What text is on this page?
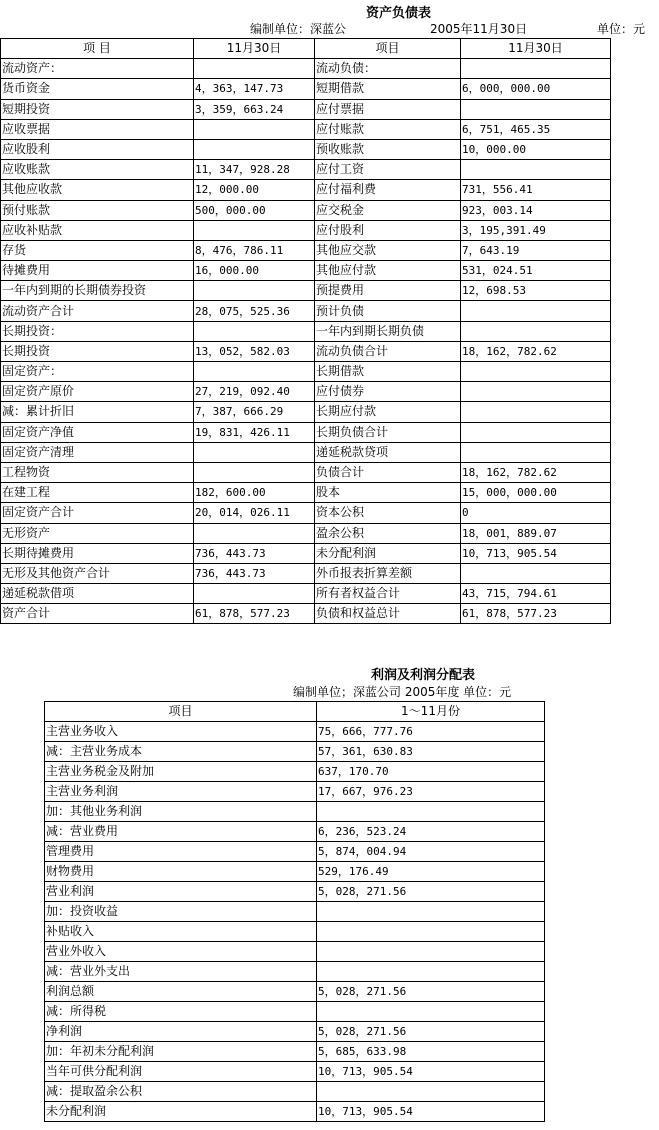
资产负债表
编制单位：深蓝公	2005年11月30日	单位：元
项 目	11月30日	项目	11月30日
流动资产：		流动负债：	
货币资金	4，363，147.73	短期借款	6，000，000.00
短期投资	3，359，663.24	应付票据	
应收票据		应付账款	6，751，465.35
应收股利		预收账款	10，000.00
应收账款	11，347，928.28	应付工资	
其他应收款	12，000.00	应付福利费	731，556.41
预付账款	500，000.00	应交税金	923，003.14
应收补贴款		应付股利	3，195,391.49
存货	8，476，786.11	其他应交款	7，643.19
待摊费用	16，000.00	其他应付款	531，024.51
一年内到期的长期债券投资		预提费用	12，698.53
流动资产合计	28，075，525.36	预计负债	
长期投资：		一年内到期长期负债	
长期投资	13，052，582.03	流动负债合计	18，162，782.62
固定资产：		长期借款	
固定资产原价	27，219，092.40	应付债券	
减：累计折旧	7，387，666.29	长期应付款	
固定资产净值	19，831，426.11	长期负债合计	
固定资产清理		递延税款贷项	
工程物资		负债合计	18，162，782.62
在建工程	182，600.00	股本	15，000，000.00
固定资产合计	20，014，026.11	资本公积	0
无形资产		盈余公积	18，001，889.07
长期待摊费用	736，443.73	未分配利润	10，713，905.54
无形及其他资产合计	736，443.73	外币报表折算差额	
递延税款借项		所有者权益合计	43，715，794.61
资产合计	61，878，577.23	负债和权益总计	61，878，577.23
利润及利润分配表
编制单位；深蓝公司 2005年度 单位：元
项目	1～11月份
主营业务收入	75，666，777.76
减：主营业务成本	57，361，630.83
主营业务税金及附加	637，170.70
主营业务利润	17，667，976.23
加：其他业务利润	
减：营业费用	6，236，523.24
管理费用	5，874，004.94
财物费用	529，176.49
营业利润	5，028，271.56
加：投资收益	
补贴收入	
营业外收入	
减：营业外支出	
利润总额	5，028，271.56
减：所得税	
净利润	5，028，271.56
加：年初未分配利润	5，685，633.98
当年可供分配利润	10，713，905.54
减：提取盈余公积	
未分配利润	10，713，905.54
